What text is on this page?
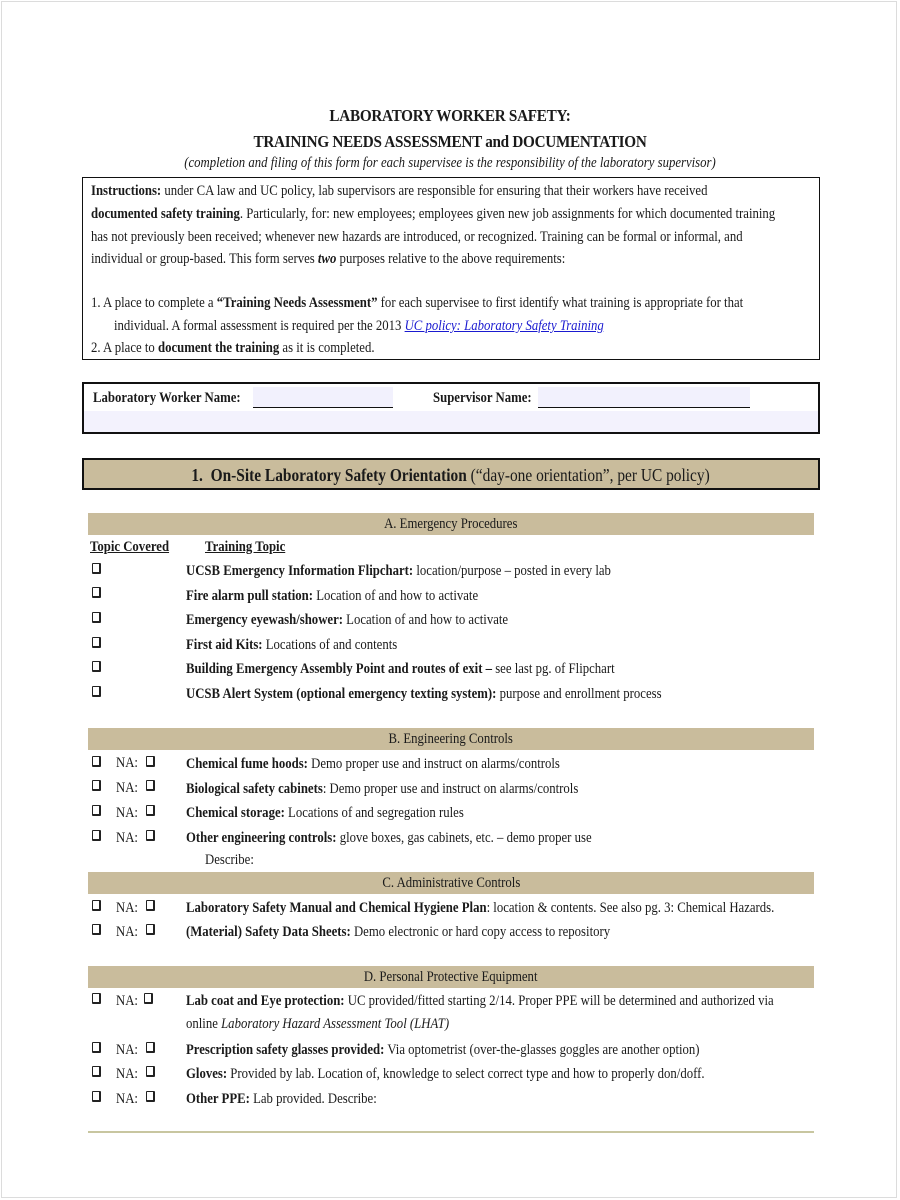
LABORATORY WORKER SAFETY:
TRAINING NEEDS ASSESSMENT and DOCUMENTATION
(completion and filing of this form for each supervisee is the responsibility of the laboratory supervisor)
Instructions: under CA law and UC policy, lab supervisors are responsible for ensuring that their workers have received
documented safety training. Particularly, for: new employees; employees given new job assignments for which documented training
has not previously been received; whenever new hazards are introduced, or recognized. Training can be formal or informal, and
individual or group-based. This form serves two purposes relative to the above requirements:
1. A place to complete a “Training Needs Assessment” for each supervisee to first identify what training is appropriate for that
individual. A formal assessment is required per the 2013 UC policy: Laboratory Safety Training
2. A place to document the training as it is completed.
Laboratory Worker Name:	Supervisor Name:
1. On-Site Laboratory Safety Orientation (“day-one orientation”, per UC policy)
A. Emergency Procedures
Topic Covered Training Topic
UCSB Emergency Information Flipchart: location/purpose – posted in every lab
Fire alarm pull station: Location of and how to activate
Emergency eyewash/shower: Location of and how to activate
First aid Kits: Locations of and contents
Building Emergency Assembly Point and routes of exit – see last pg. of Flipchart
UCSB Alert System (optional emergency texting system): purpose and enrollment process
B. Engineering Controls
NA:	Chemical fume hoods: Demo proper use and instruct on alarms/controls
NA:	Biological safety cabinets: Demo proper use and instruct on alarms/controls
NA:	Chemical storage: Locations of and segregation rules
NA:	Other engineering controls: glove boxes, gas cabinets, etc. – demo proper use
Describe:
C. Administrative Controls
NA:	Laboratory Safety Manual and Chemical Hygiene Plan: location & contents. See also pg. 3: Chemical Hazards.
NA:	(Material) Safety Data Sheets: Demo electronic or hard copy access to repository
D. Personal Protective Equipment
NA:	Lab coat and Eye protection: UC provided/fitted starting 2/14. Proper PPE will be determined and authorized via
online Laboratory Hazard Assessment Tool (LHAT)
NA:	Prescription safety glasses provided: Via optometrist (over-the-glasses goggles are another option)
NA:	Gloves: Provided by lab. Location of, knowledge to select correct type and how to properly don/doff.
NA:	Other PPE: Lab provided. Describe:
